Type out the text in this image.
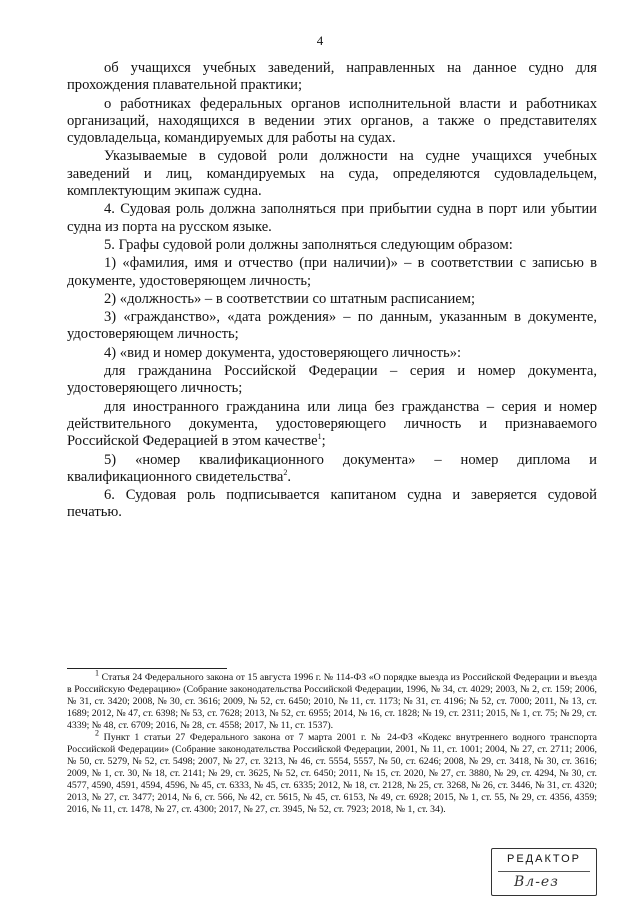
4

об учащихся учебных заведений, направленных на данное судно для прохождения плавательной практики;

о работниках федеральных органов исполнительной власти и работниках организаций, находящихся в ведении этих органов, а также о представителях судовладельца, командируемых для работы на судах.

Указываемые в судовой роли должности на судне учащихся учебных заведений и лиц, командируемых на суда, определяются судовладельцем, комплектующим экипаж судна.

4. Судовая роль должна заполняться при прибытии судна в порт или убытии судна из порта на русском языке.

5. Графы судовой роли должны заполняться следующим образом:

1) «фамилия, имя и отчество (при наличии)» – в соответствии с записью в документе, удостоверяющем личность;

2) «должность» – в соответствии со штатным расписанием;

3) «гражданство», «дата рождения» – по данным, указанным в документе, удостоверяющем личность;

4) «вид и номер документа, удостоверяющего личность»:

для гражданина Российской Федерации – серия и номер документа, удостоверяющего личность;

для иностранного гражданина или лица без гражданства – серия и номер действительного документа, удостоверяющего личность и признаваемого Российской Федерацией в этом качестве$^1$;

5) «номер квалификационного документа» – номер диплома и квалификационного свидетельства$^2$.

6. Судовая роль подписывается капитаном судна и заверяется судовой печатью.

$^1$ Статья 24 Федерального закона от 15 августа 1996 г. № 114-ФЗ «О порядке выезда из Российской Федерации и въезда в Российскую Федерацию» (Собрание законодательства Российской Федерации, 1996, № 34, ст. 4029; 2003, № 2, ст. 159; 2006, № 31, ст. 3420; 2008, № 30, ст. 3616; 2009, № 52, ст. 6450; 2010, № 11, ст. 1173; № 31, ст. 4196; № 52, ст. 7000; 2011, № 13, ст. 1689; 2012, № 47, ст. 6398; № 53, ст. 7628; 2013, № 52, ст. 6955; 2014, № 16, ст. 1828; № 19, ст. 2311; 2015, № 1, ст. 75; № 29, ст. 4339; № 48, ст. 6709; 2016, № 28, ст. 4558; 2017, № 11, ст. 1537).

$^2$ Пункт 1 статьи 27 Федерального закона от 7 марта 2001 г. № 24-ФЗ «Кодекс внутреннего водного транспорта Российской Федерации» (Собрание законодательства Российской Федерации, 2001, № 11, ст. 1001; 2004, № 27, ст. 2711; 2006, № 50, ст. 5279, № 52, ст. 5498; 2007, № 27, ст. 3213, № 46, ст. 5554, 5557, № 50, ст. 6246; 2008, № 29, ст. 3418, № 30, ст. 3616; 2009, № 1, ст. 30, № 18, ст. 2141; № 29, ст. 3625, № 52, ст. 6450; 2011, № 15, ст. 2020, № 27, ст. 3880, № 29, ст. 4294, № 30, ст. 4577, 4590, 4591, 4594, 4596, № 45, ст. 6333, № 45, ст. 6335; 2012, № 18, ст. 2128, № 25, ст. 3268, № 26, ст. 3446, № 31, ст. 4320; 2013, № 27, ст. 3477; 2014, № 6, ст. 566, № 42, ст. 5615, № 45, ст. 6153, № 49, ст. 6928; 2015, № 1, ст. 55, № 29, ст. 4356, 4359; 2016, № 11, ст. 1478, № 27, ст. 4300; 2017, № 27, ст. 3945, № 52, ст. 7923; 2018, № 1, ст. 34).

РЕДАКТОР
Вл-ез
